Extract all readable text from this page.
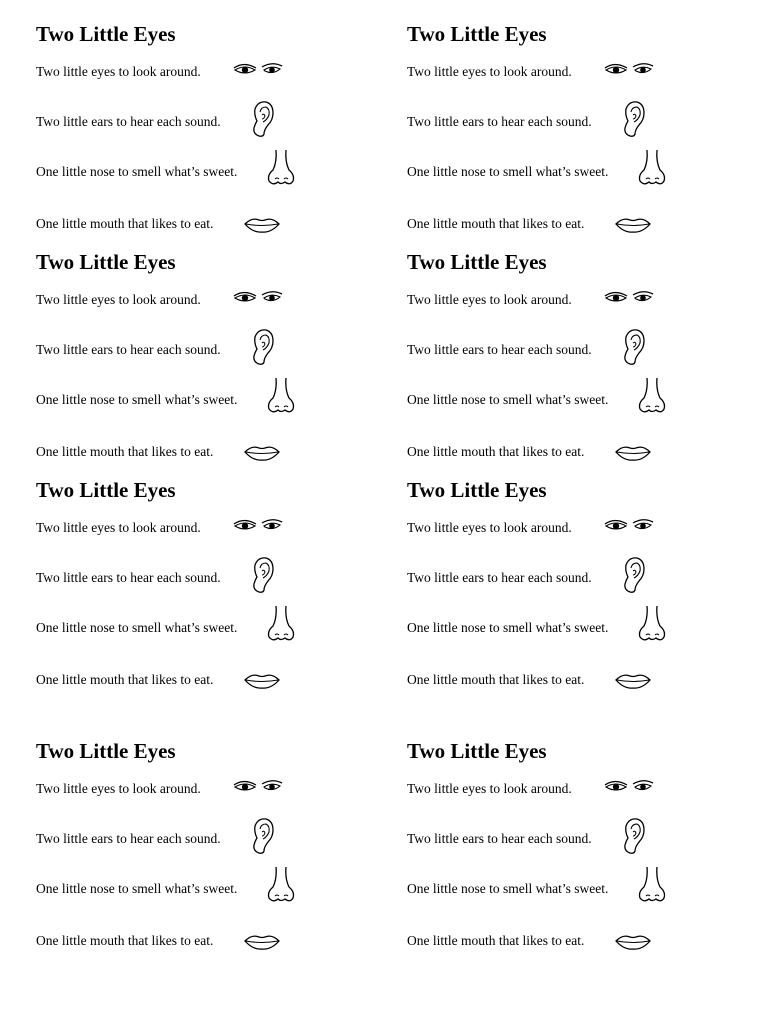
Two Little Eyes
Two little eyes to look around.
Two little ears to hear each sound.
One little nose to smell what’s sweet.
One little mouth that likes to eat.
Two Little Eyes
Two little eyes to look around.
Two little ears to hear each sound.
One little nose to smell what’s sweet.
One little mouth that likes to eat.
Two Little Eyes
Two little eyes to look around.
Two little ears to hear each sound.
One little nose to smell what’s sweet.
One little mouth that likes to eat.
Two Little Eyes
Two little eyes to look around.
Two little ears to hear each sound.
One little nose to smell what’s sweet.
One little mouth that likes to eat.
Two Little Eyes
Two little eyes to look around.
Two little ears to hear each sound.
One little nose to smell what’s sweet.
One little mouth that likes to eat.
Two Little Eyes
Two little eyes to look around.
Two little ears to hear each sound.
One little nose to smell what’s sweet.
One little mouth that likes to eat.
Two Little Eyes
Two little eyes to look around.
Two little ears to hear each sound.
One little nose to smell what’s sweet.
One little mouth that likes to eat.
Two Little Eyes
Two little eyes to look around.
Two little ears to hear each sound.
One little nose to smell what’s sweet.
One little mouth that likes to eat.
